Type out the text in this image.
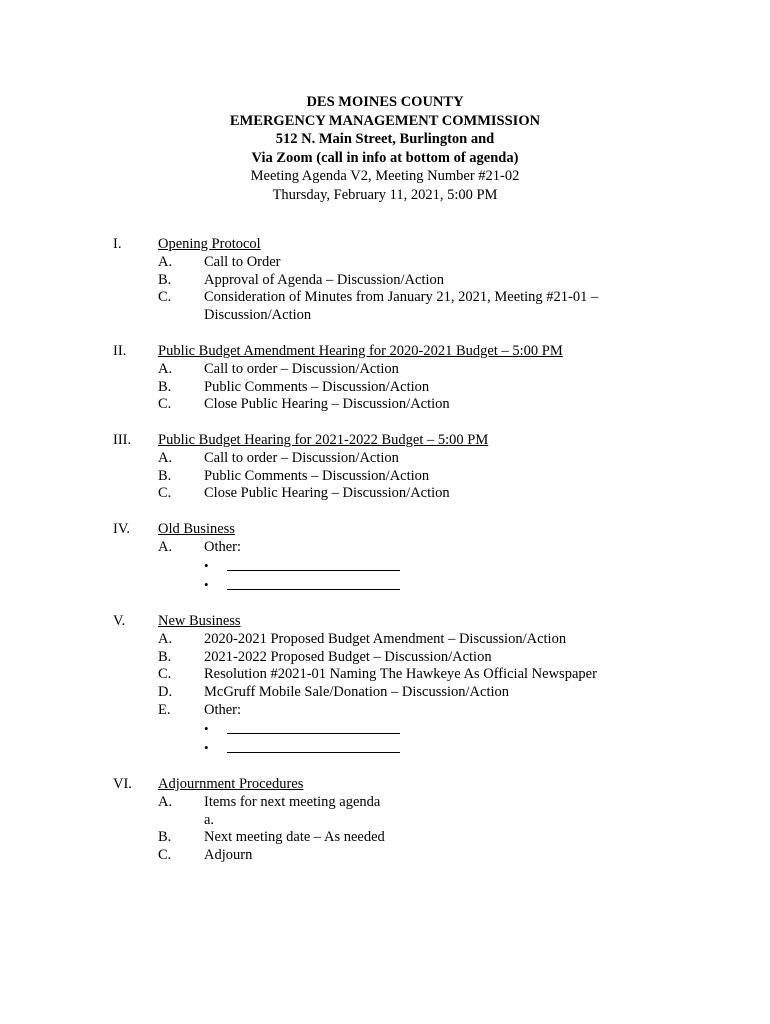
DES MOINES COUNTY
EMERGENCY MANAGEMENT COMMISSION
512 N. Main Street, Burlington and
Via Zoom (call in info at bottom of agenda)
Meeting Agenda V2, Meeting Number #21-02
Thursday, February 11, 2021, 5:00 PM
I.	Opening Protocol
A. Call to Order
B. Approval of Agenda – Discussion/Action
C. Consideration of Minutes from January 21, 2021, Meeting #21-01 –
Discussion/Action
II. Public Budget Amendment Hearing for 2020-2021 Budget – 5:00 PM
A. Call to order – Discussion/Action
B. Public Comments – Discussion/Action
C. Close Public Hearing – Discussion/Action
III. Public Budget Hearing for 2021-2022 Budget – 5:00 PM
A. Call to order – Discussion/Action
B. Public Comments – Discussion/Action
C. Close Public Hearing – Discussion/Action
IV. Old Business
A. Other:
•
•
V. New Business
A. 2020-2021 Proposed Budget Amendment – Discussion/Action
B. 2021-2022 Proposed Budget – Discussion/Action
C. Resolution #2021-01 Naming The Hawkeye As Official Newspaper
D. McGruff Mobile Sale/Donation – Discussion/Action
E. Other:
•
•
VI. Adjournment Procedures
A. Items for next meeting agenda
a.
B. Next meeting date – As needed
C. Adjourn
